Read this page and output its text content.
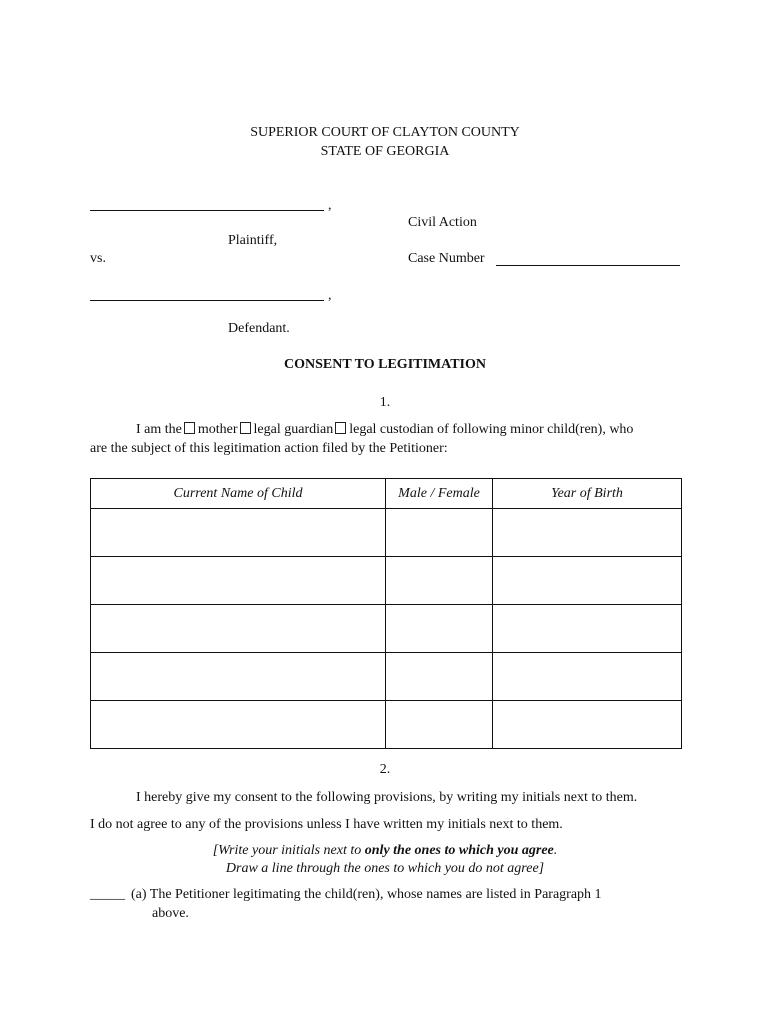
SUPERIOR COURT OF CLAYTON COUNTY
STATE OF GEORGIA
,
Plaintiff,
vs.
Civil Action
Case Number
,
Defendant.
CONSENT TO LEGITIMATION
1.
I am the mother legal guardian legal custodian of following minor child(ren), who
are the subject of this legitimation action filed by the Petitioner:
Current Name of Child	Male / Female	Year of Birth

2.
I hereby give my consent to the following provisions, by writing my initials next to them.
I do not agree to any of the provisions unless I have written my initials next to them.
[Write your initials next to only the ones to which you agree.
Draw a line through the ones to which you do not agree]
_____ (a) The Petitioner legitimating the child(ren), whose names are listed in Paragraph 1
above.
